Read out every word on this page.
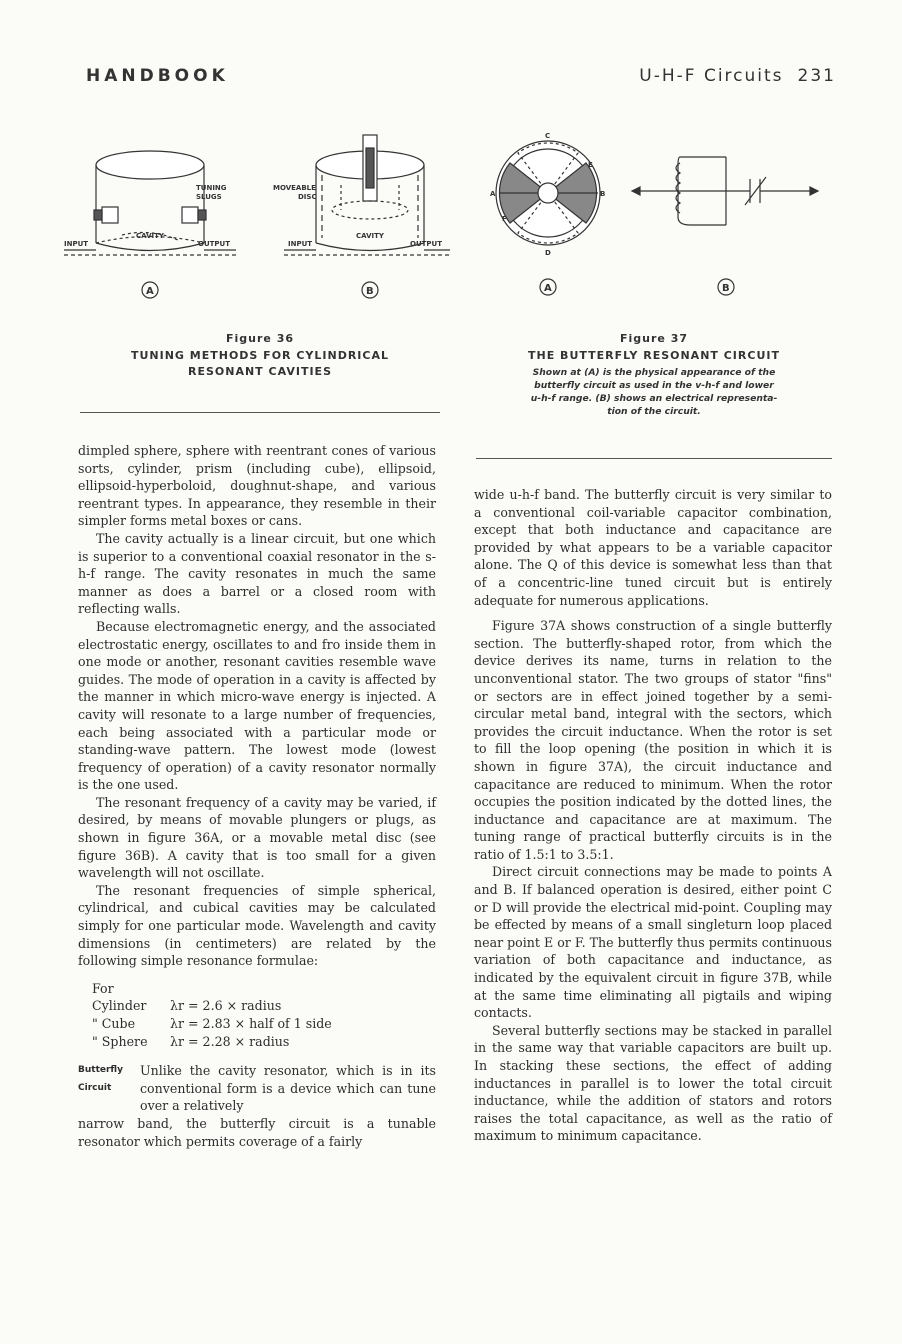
HANDBOOK	U-H-F Circuits 231
TUNING
SLUGS
CAVITY
INPUT	OUTPUT
MOVEABLE
DISC
CAVITY
INPUT	OUTPUT
A	B
C
D
A	B
E
F
A	B
Figure 36
TUNING METHODS FOR CYLINDRICAL
RESONANT CAVITIES
Figure 37
THE BUTTERFLY RESONANT CIRCUIT
Shown at (A) is the physical appearance of the
butterfly circuit as used in the v-h-f and lower
u-h-f range. (B) shows an electrical representa-
tion of the circuit.

dimpled sphere, sphere with reentrant cones of various sorts, cylinder, prism (including cube), ellipsoid, ellipsoid-hyperboloid, doughnut-shape, and various reentrant types. In appearance, they resemble in their simpler forms metal boxes or cans.

The cavity actually is a linear circuit, but one which is superior to a conventional coaxial resonator in the s-h-f range. The cavity resonates in much the same manner as does a barrel or a closed room with reflecting walls.

Because electromagnetic energy, and the associated electrostatic energy, oscillates to and fro inside them in one mode or another, resonant cavities resemble wave guides. The mode of operation in a cavity is affected by the manner in which micro-wave energy is injected. A cavity will resonate to a large number of frequencies, each being associated with a particular mode or standing-wave pattern. The lowest mode (lowest frequency of operation) of a cavity resonator normally is the one used.

The resonant frequency of a cavity may be varied, if desired, by means of movable plungers or plugs, as shown in figure 36A, or a movable metal disc (see figure 36B). A cavity that is too small for a given wavelength will not oscillate.

The resonant frequencies of simple spherical, cylindrical, and cubical cavities may be calculated simply for one particular mode. Wavelength and cavity dimensions (in centimeters) are related by the following simple resonance formulae:

For Cylinder λr = 2.6 × radius
" Cube	λr = 2.83 × half of 1 side
" Sphere λr = 2.28 × radius
Butterfly
Circuit
Unlike the cavity resonator, which is in its conventional form is a device which can tune over a relatively

narrow band, the butterfly circuit is a tunable resonator which permits coverage of a fairly

wide u-h-f band. The butterfly circuit is very similar to a conventional coil-variable capacitor combination, except that both inductance and capacitance are provided by what appears to be a variable capacitor alone. The Q of this device is somewhat less than that of a concentric-line tuned circuit but is entirely adequate for numerous applications.

Figure 37A shows construction of a single butterfly section. The butterfly-shaped rotor, from which the device derives its name, turns in relation to the unconventional stator. The two groups of stator "fins" or sectors are in effect joined together by a semi-circular metal band, integral with the sectors, which provides the circuit inductance. When the rotor is set to fill the loop opening (the position in which it is shown in figure 37A), the circuit inductance and capacitance are reduced to minimum. When the rotor occupies the position indicated by the dotted lines, the inductance and capacitance are at maximum. The tuning range of practical butterfly circuits is in the ratio of 1.5:1 to 3.5:1.

Direct circuit connections may be made to points A and B. If balanced operation is desired, either point C or D will provide the electrical mid-point. Coupling may be effected by means of a small singleturn loop placed near point E or F. The butterfly thus permits continuous variation of both capacitance and inductance, as indicated by the equivalent circuit in figure 37B, while at the same time eliminating all pigtails and wiping contacts.

Several butterfly sections may be stacked in parallel in the same way that variable capacitors are built up. In stacking these sections, the effect of adding inductances in parallel is to lower the total circuit inductance, while the addition of stators and rotors raises the total capacitance, as well as the ratio of maximum to minimum capacitance.
